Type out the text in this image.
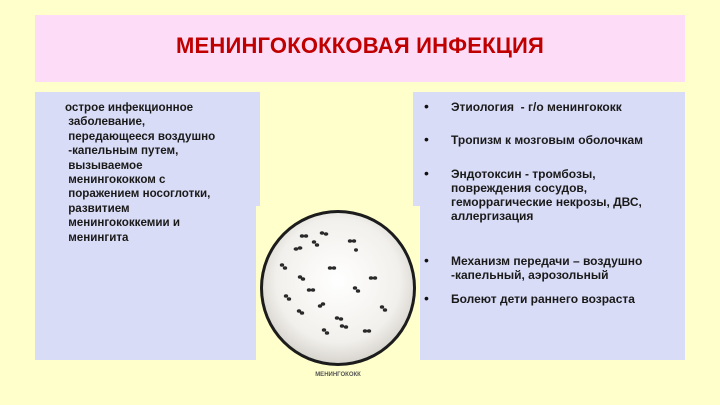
МЕНИНГОКОККОВАЯ ИНФЕКЦИЯ
острое инфекционное
заболевание,
передающееся воздушно
-капельным путем,
вызываемое
менингококком с
поражением носоглотки,
развитием
менингококкемии и
менингита
• Этиология  - г/о менингококк
• Тропизм к мозговым оболочкам
• Эндотоксин - тромбозы,
повреждения сосудов,
геморрагические некрозы, ДВС,
аллергизация
• Механизм передачи – воздушно
-капельный, аэрозольный
• Болеют дети раннего возраста
МЕНИНГОКОКК
